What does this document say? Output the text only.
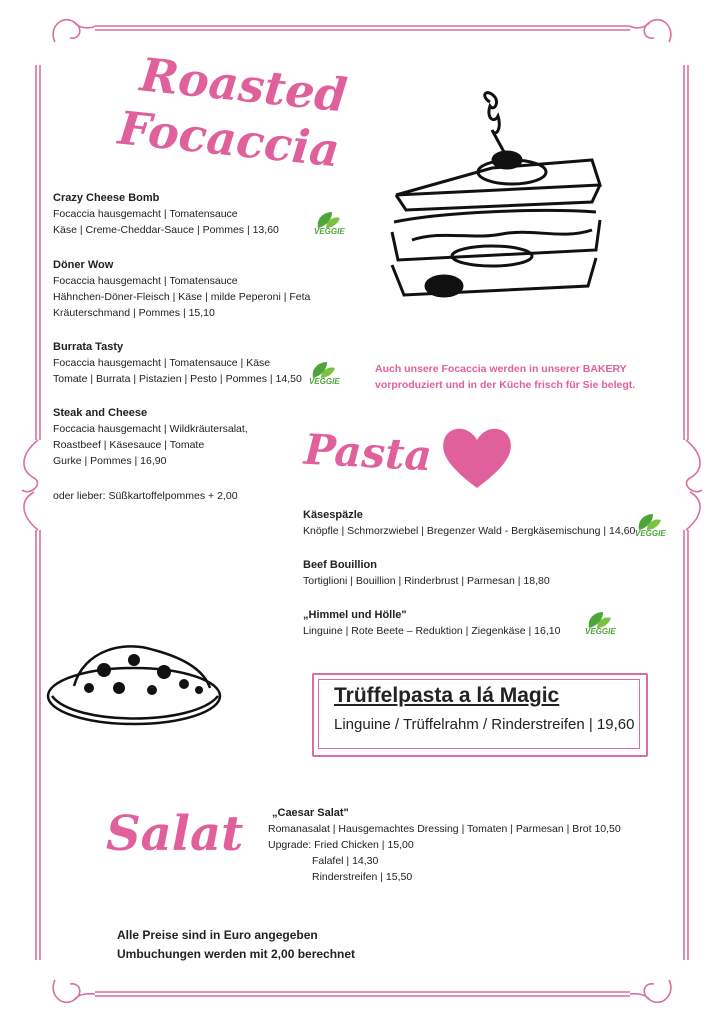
Roasted
Focaccia
Crazy Cheese Bomb
Focaccia hausgemacht | Tomatensauce
Käse | Creme-Cheddar-Sauce | Pommes | 13,60
Döner Wow
Focaccia hausgemacht | Tomatensauce
Hähnchen-Döner-Fleisch | Käse | milde Peperoni | Feta
Kräuterschmand | Pommes | 15,10
Burrata Tasty
Focaccia hausgemacht | Tomatensauce | Käse
Tomate | Burrata | Pistazien | Pesto | Pommes | 14,50
Steak and Cheese
Foccacia hausgemacht | Wildkräutersalat,
Roastbeef | Käsesauce | Tomate
Gurke | Pommes | 16,90
oder lieber: Süßkartoffelpommes + 2,00
VEGGIE
VEGGIE
VEGGIE
VEGGIE
Auch unsere Focaccia werden in unserer BAKERY
vorproduziert und in der Küche frisch für Sie belegt.
Pasta
Käsespäzle
Knöpfle | Schmorzwiebel | Bregenzer Wald - Bergkäsemischung | 14,60
Beef Bouillion
Tortiglioni | Bouillion | Rinderbrust | Parmesan | 18,80
„Himmel und Hölle"
Linguine | Rote Beete – Reduktion | Ziegenkäse | 16,10
Trüffelpasta a lá Magic
Linguine / Trüffelrahm / Rinderstreifen | 19,60
Salat	„Caesar Salat"
Romanasalat | Hausgemachtes Dressing | Tomaten | Parmesan | Brot 10,50
Upgrade: Fried Chicken | 15,00
Falafel | 14,30
Rinderstreifen | 15,50
Alle Preise sind in Euro angegeben
Umbuchungen werden mit 2,00 berechnet
